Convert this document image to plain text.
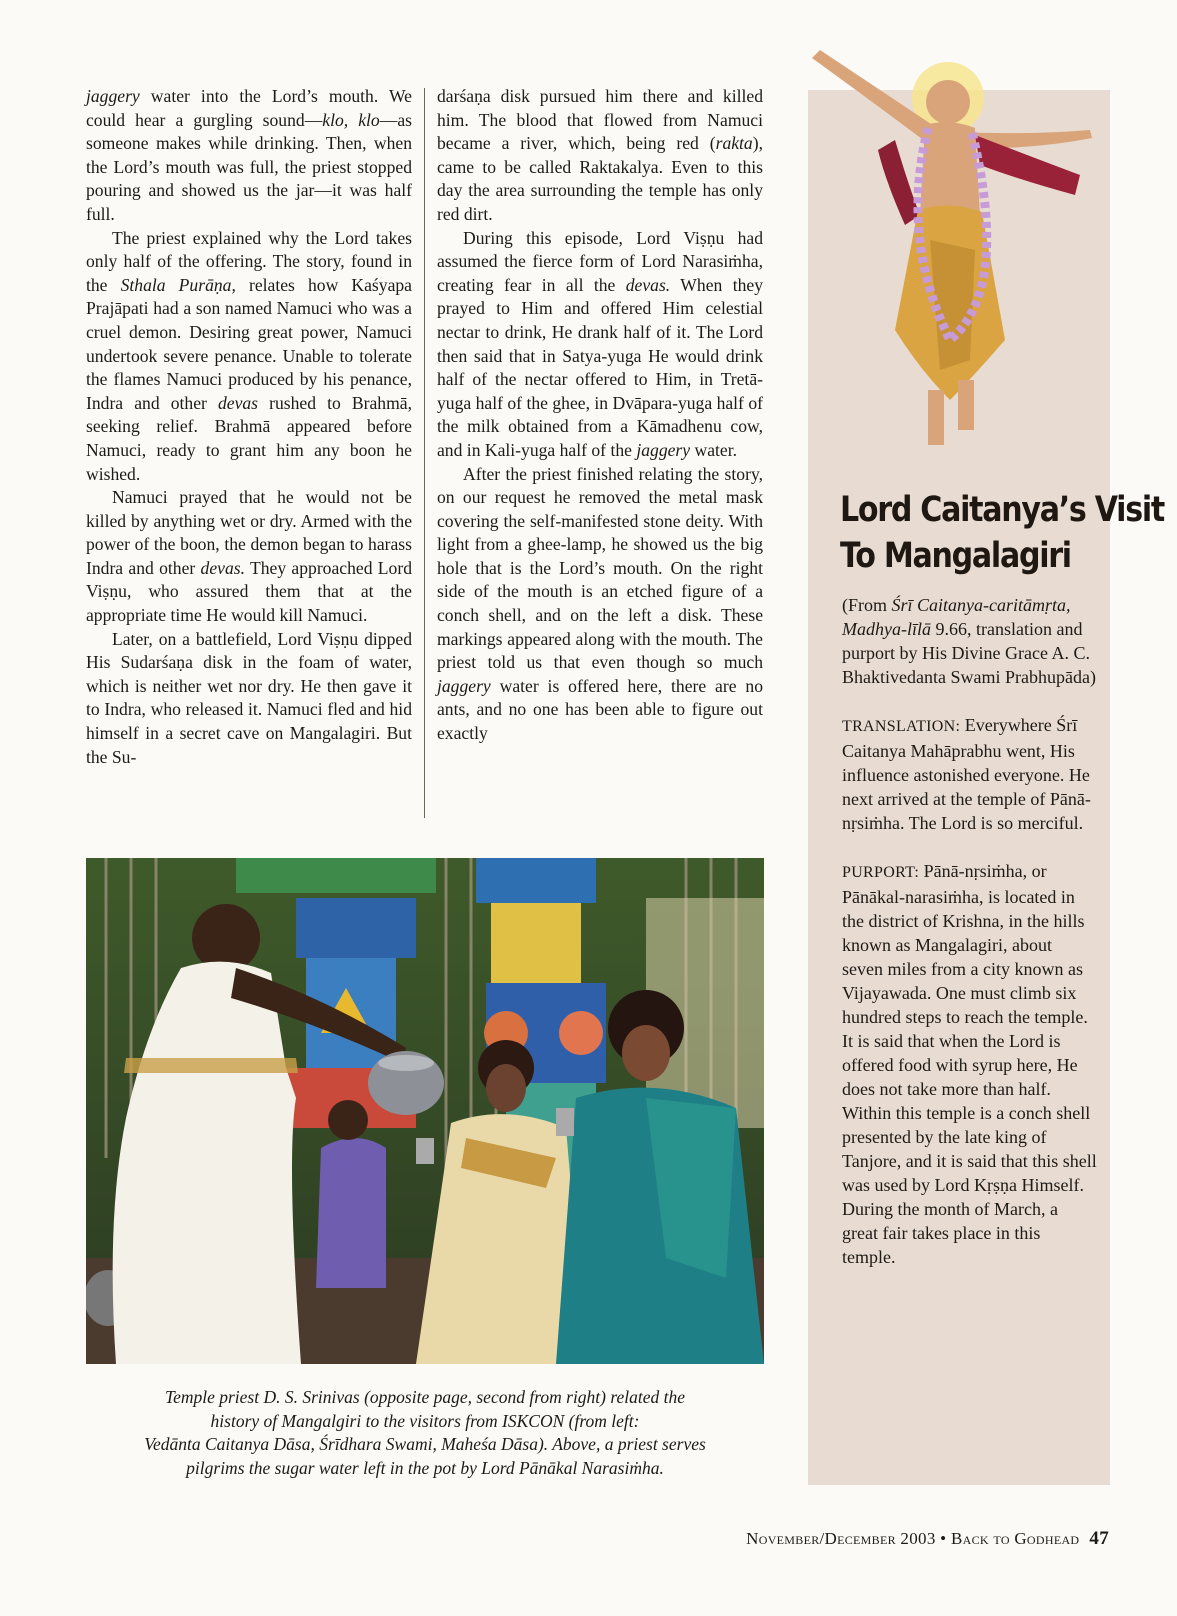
jaggery water into the Lord’s mouth. We could hear a gurgling sound—klo, klo—as someone makes while drinking. Then, when the Lord’s mouth was full, the priest stopped pouring and showed us the jar—it was half full.

The priest explained why the Lord takes only half of the offering. The story, found in the Sthala Purāṇa, relates how Kaśyapa Prajāpati had a son named Namuci who was a cruel demon. Desiring great power, Namuci undertook severe penance. Unable to tolerate the flames Namuci produced by his penance, Indra and other devas rushed to Brahmā, seeking relief. Brahmā appeared before Namuci, ready to grant him any boon he wished.

Namuci prayed that he would not be killed by anything wet or dry. Armed with the power of the boon, the demon began to harass Indra and other devas. They approached Lord Viṣṇu, who assured them that at the appropriate time He would kill Namuci.

Later, on a battlefield, Lord Viṣṇu dipped His Sudarśaṇa disk in the foam of water, which is neither wet nor dry. He then gave it to Indra, who released it. Namuci fled and hid himself in a secret cave on Mangalagiri. But the Su-

darśaṇa disk pursued him there and killed him. The blood that flowed from Namuci became a river, which, being red (rakta), came to be called Raktakalya. Even to this day the area surrounding the temple has only red dirt.

During this episode, Lord Viṣṇu had assumed the fierce form of Lord Narasiṁha, creating fear in all the devas. When they prayed to Him and offered Him celestial nectar to drink, He drank half of it. The Lord then said that in Satya-yuga He would drink half of the nectar offered to Him, in Tretā-yuga half of the ghee, in Dvāpara-yuga half of the milk obtained from a Kāmadhenu cow, and in Kali-yuga half of the jaggery water.

After the priest finished relating the story, on our request he removed the metal mask covering the self-manifested stone deity. With light from a ghee-lamp, he showed us the big hole that is the Lord’s mouth. On the right side of the mouth is an etched figure of a conch shell, and on the left a disk. These markings appeared along with the mouth. The priest told us that even though so much jaggery water is offered here, there are no ants, and no one has been able to figure out exactly

Temple priest D. S. Srinivas (opposite page, second from right) related the
history of Mangalgiri to the visitors from ISKCON (from left:
Vedānta Caitanya Dāsa, Śrīdhara Swami, Maheśa Dāsa). Above, a priest serves
pilgrims the sugar water left in the pot by Lord Pānākal Narasiṁha.
Lord Caitanya’s Visit
To Mangalagiri

(From Śrī Caitanya-caritāmṛta, Madhya-līlā 9.66, translation and purport by His Divine Grace A. C. Bhaktivedanta Swami Prabhupāda)

TRANSLATION: Everywhere Śrī Caitanya Mahāprabhu went, His influence astonished everyone. He next arrived at the temple of Pānā-nṛsiṁha. The Lord is so merciful.

PURPORT: Pānā-nṛsiṁha, or Pānākal-narasiṁha, is located in the district of Krishna, in the hills known as Mangalagiri, about seven miles from a city known as Vijayawada. One must climb six hundred steps to reach the temple. It is said that when the Lord is offered food with syrup here, He does not take more than half. Within this temple is a conch shell presented by the late king of Tanjore, and it is said that this shell was used by Lord Kṛṣṇa Himself. During the month of March, a great fair takes place in this temple.

November/December 2003 • Back to Godhead 47
